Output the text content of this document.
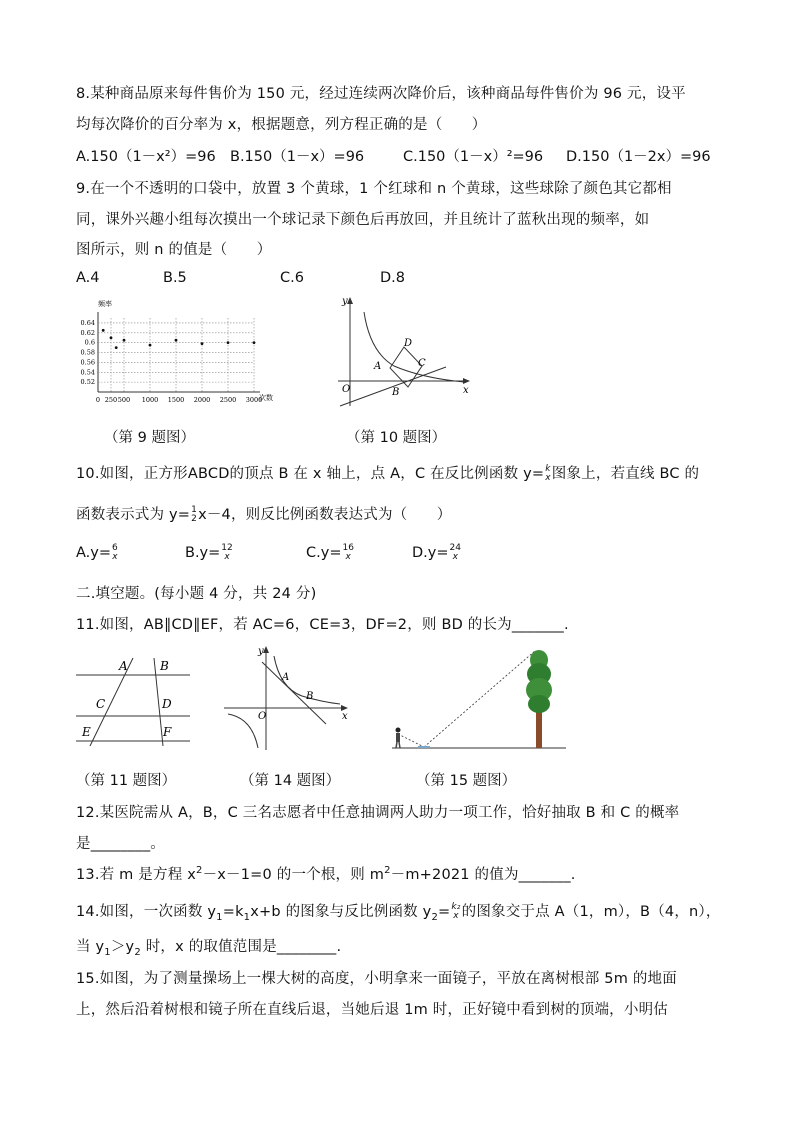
8.某种商品原来每件售价为 150 元，经过连续两次降价后，该种商品每件售价为 96 元，设平
均每次降价的百分率为 x，根据题意，列方程正确的是（　　）
A.150（1－x²）=96 B.150（1－x）=96	C.150（1－x）²=96 D.150（1－2x）=96
9.在一个不透明的口袋中，放置 3 个黄球，1 个红球和 n 个黄球，这些球除了颜色其它都相
同，课外兴趣小组每次摸出一个球记录下颜色后再放回，并且统计了蓝秋出现的频率，如
图所示，则 n 的值是（　　）
A.4	B.5	C.6	D.8
频率
次数
0.52
0.54
0.56
0.58
0.6
0.62
0.64
0 250 500 1000 1500 2000 2500 3000
（第 9 题图）
y
x
O
A
B
C
D
（第 10 题图）
10.如图，正方形ABCD的顶点 B 在 x 轴上，点 A，C 在反比例函数 y= k
x 图象上，若直线 BC 的
函数表示式为 y= 1
2 x－4，则反比例函数表达式为（　　）
A.y= 6
x	B.y= 12
x	C.y= 16
x	D.y= 24
x
二.填空题。(每小题 4 分，共 24 分)
11.如图，AB∥CD∥EF，若 AC=6，CE=3，DF=2，则 BD 的长为_______.
A	B
C	D
E	F
（第 11 题图）
y
x
O
A
B
（第 14 题图）	（第 15 题图）
12.某医院需从 A，B，C 三名志愿者中任意抽调两人助力一项工作，恰好抽取 B 和 C 的概率
是________。
13.若 m 是方程 $x^2-x-1=0$ 的一个根，则 $m^2-m+2021$ 的值为_______.
14.如图，一次函数 $y_1=k_1x+b$ 的图象与反比例函数 $y_2= k_2$
x 的图象交于点 A（1，m），B（4，n），
当 $y_1>y_2$ 时，x 的取值范围是________.
15.如图，为了测量操场上一棵大树的高度，小明拿来一面镜子，平放在离树根部 5m 的地面
上，然后沿着树根和镜子所在直线后退，当她后退 1m 时，正好镜中看到树的顶端，小明估
